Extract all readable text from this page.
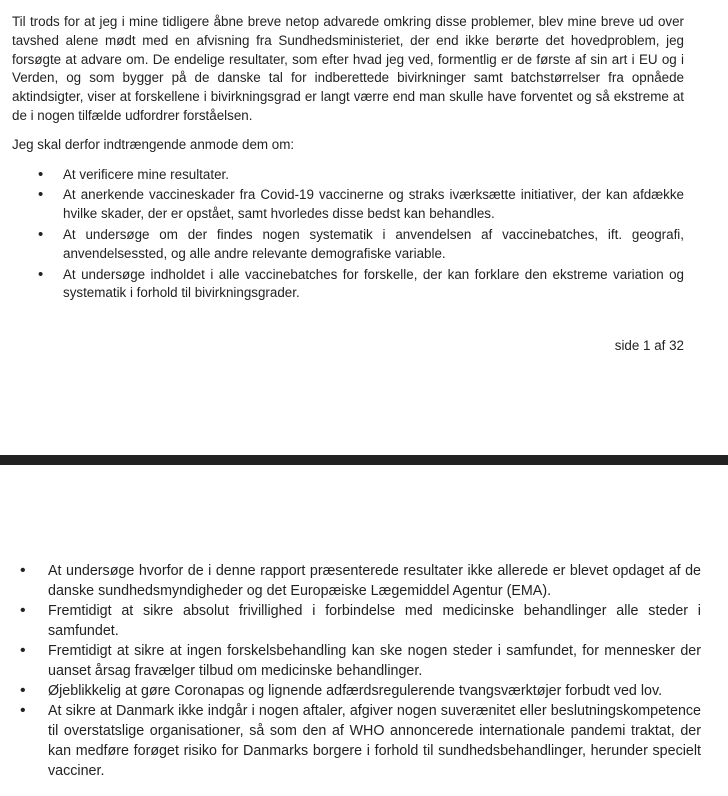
Til trods for at jeg i mine tidligere åbne breve netop advarede omkring disse problemer, blev mine breve ud over tavshed alene mødt med en afvisning fra Sundhedsministeriet, der end ikke berørte det hovedproblem, jeg forsøgte at advare om. De endelige resultater, som efter hvad jeg ved, formentlig er de første af sin art i EU og i Verden, og som bygger på de danske tal for indberettede bivirkninger samt batchstørrelser fra opnåede aktindsigter, viser at forskellene i bivirkningsgrad er langt værre end man skulle have forventet og så ekstreme at de i nogen tilfælde udfordrer forståelsen.

Jeg skal derfor indtrængende anmode dem om:

• At verificere mine resultater.
• At anerkende vaccineskader fra Covid-19 vaccinerne og straks iværksætte initiativer, der kan afdække hvilke skader, der er opstået, samt hvorledes disse bedst kan behandles.
• At undersøge om der findes nogen systematik i anvendelsen af vaccinebatches, ift. geografi, anvendelsessted, og alle andre relevante demografiske variable.
• At undersøge indholdet i alle vaccinebatches for forskelle, der kan forklare den ekstreme variation og systematik i forhold til bivirkningsgrader.
side 1 af 32
• At undersøge hvorfor de i denne rapport præsenterede resultater ikke allerede er blevet opdaget af de danske sundhedsmyndigheder og det Europæiske Lægemiddel Agentur (EMA).
• Fremtidigt at sikre absolut frivillighed i forbindelse med medicinske behandlinger alle steder i samfundet.
• Fremtidigt at sikre at ingen forskelsbehandling kan ske nogen steder i samfundet, for mennesker der uanset årsag fravælger tilbud om medicinske behandlinger.
• Øjeblikkelig at gøre Coronapas og lignende adfærdsregulerende tvangsværktøjer forbudt ved lov.
• At sikre at Danmark ikke indgår i nogen aftaler, afgiver nogen suverænitet eller beslutningskompetence til overstatslige organisationer, så som den af WHO annoncerede internationale pandemi traktat, der kan medføre forøget risiko for Danmarks borgere i forhold til sundhedsbehandlinger, herunder specielt vacciner.
